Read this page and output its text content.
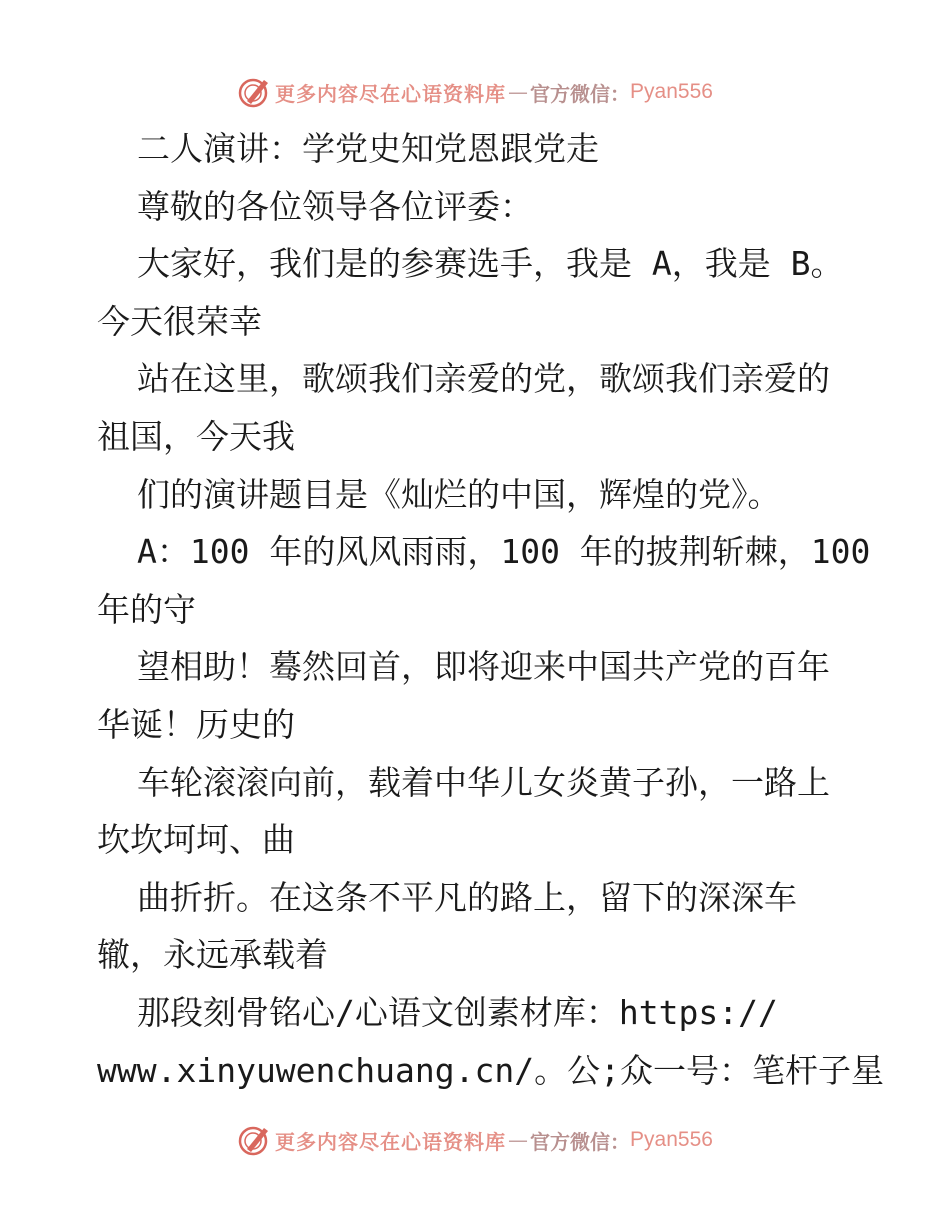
更多内容尽在心语资料库 — 官方微信： Pyan556
二人演讲：学党史知党恩跟党走
尊敬的各位领导各位评委：
大家好，我们是的参赛选手，我是 A，我是 B。
今天很荣幸
站在这里，歌颂我们亲爱的党，歌颂我们亲爱的
祖国，今天我
们的演讲题目是《灿烂的中国，辉煌的党》。
A：100 年的风风雨雨，100 年的披荆斩棘，100
年的守
望相助！蓦然回首，即将迎来中国共产党的百年
华诞！历史的
车轮滚滚向前，载着中华儿女炎黄子孙，一路上
坎坎坷坷、曲
曲折折。在这条不平凡的路上，留下的深深车
辙，永远承载着
那段刻骨铭心/心语文创素材库：https://
www.xinyuwenchuang.cn/。公;众一号：笔杆子星
更多内容尽在心语资料库 — 官方微信： Pyan556
